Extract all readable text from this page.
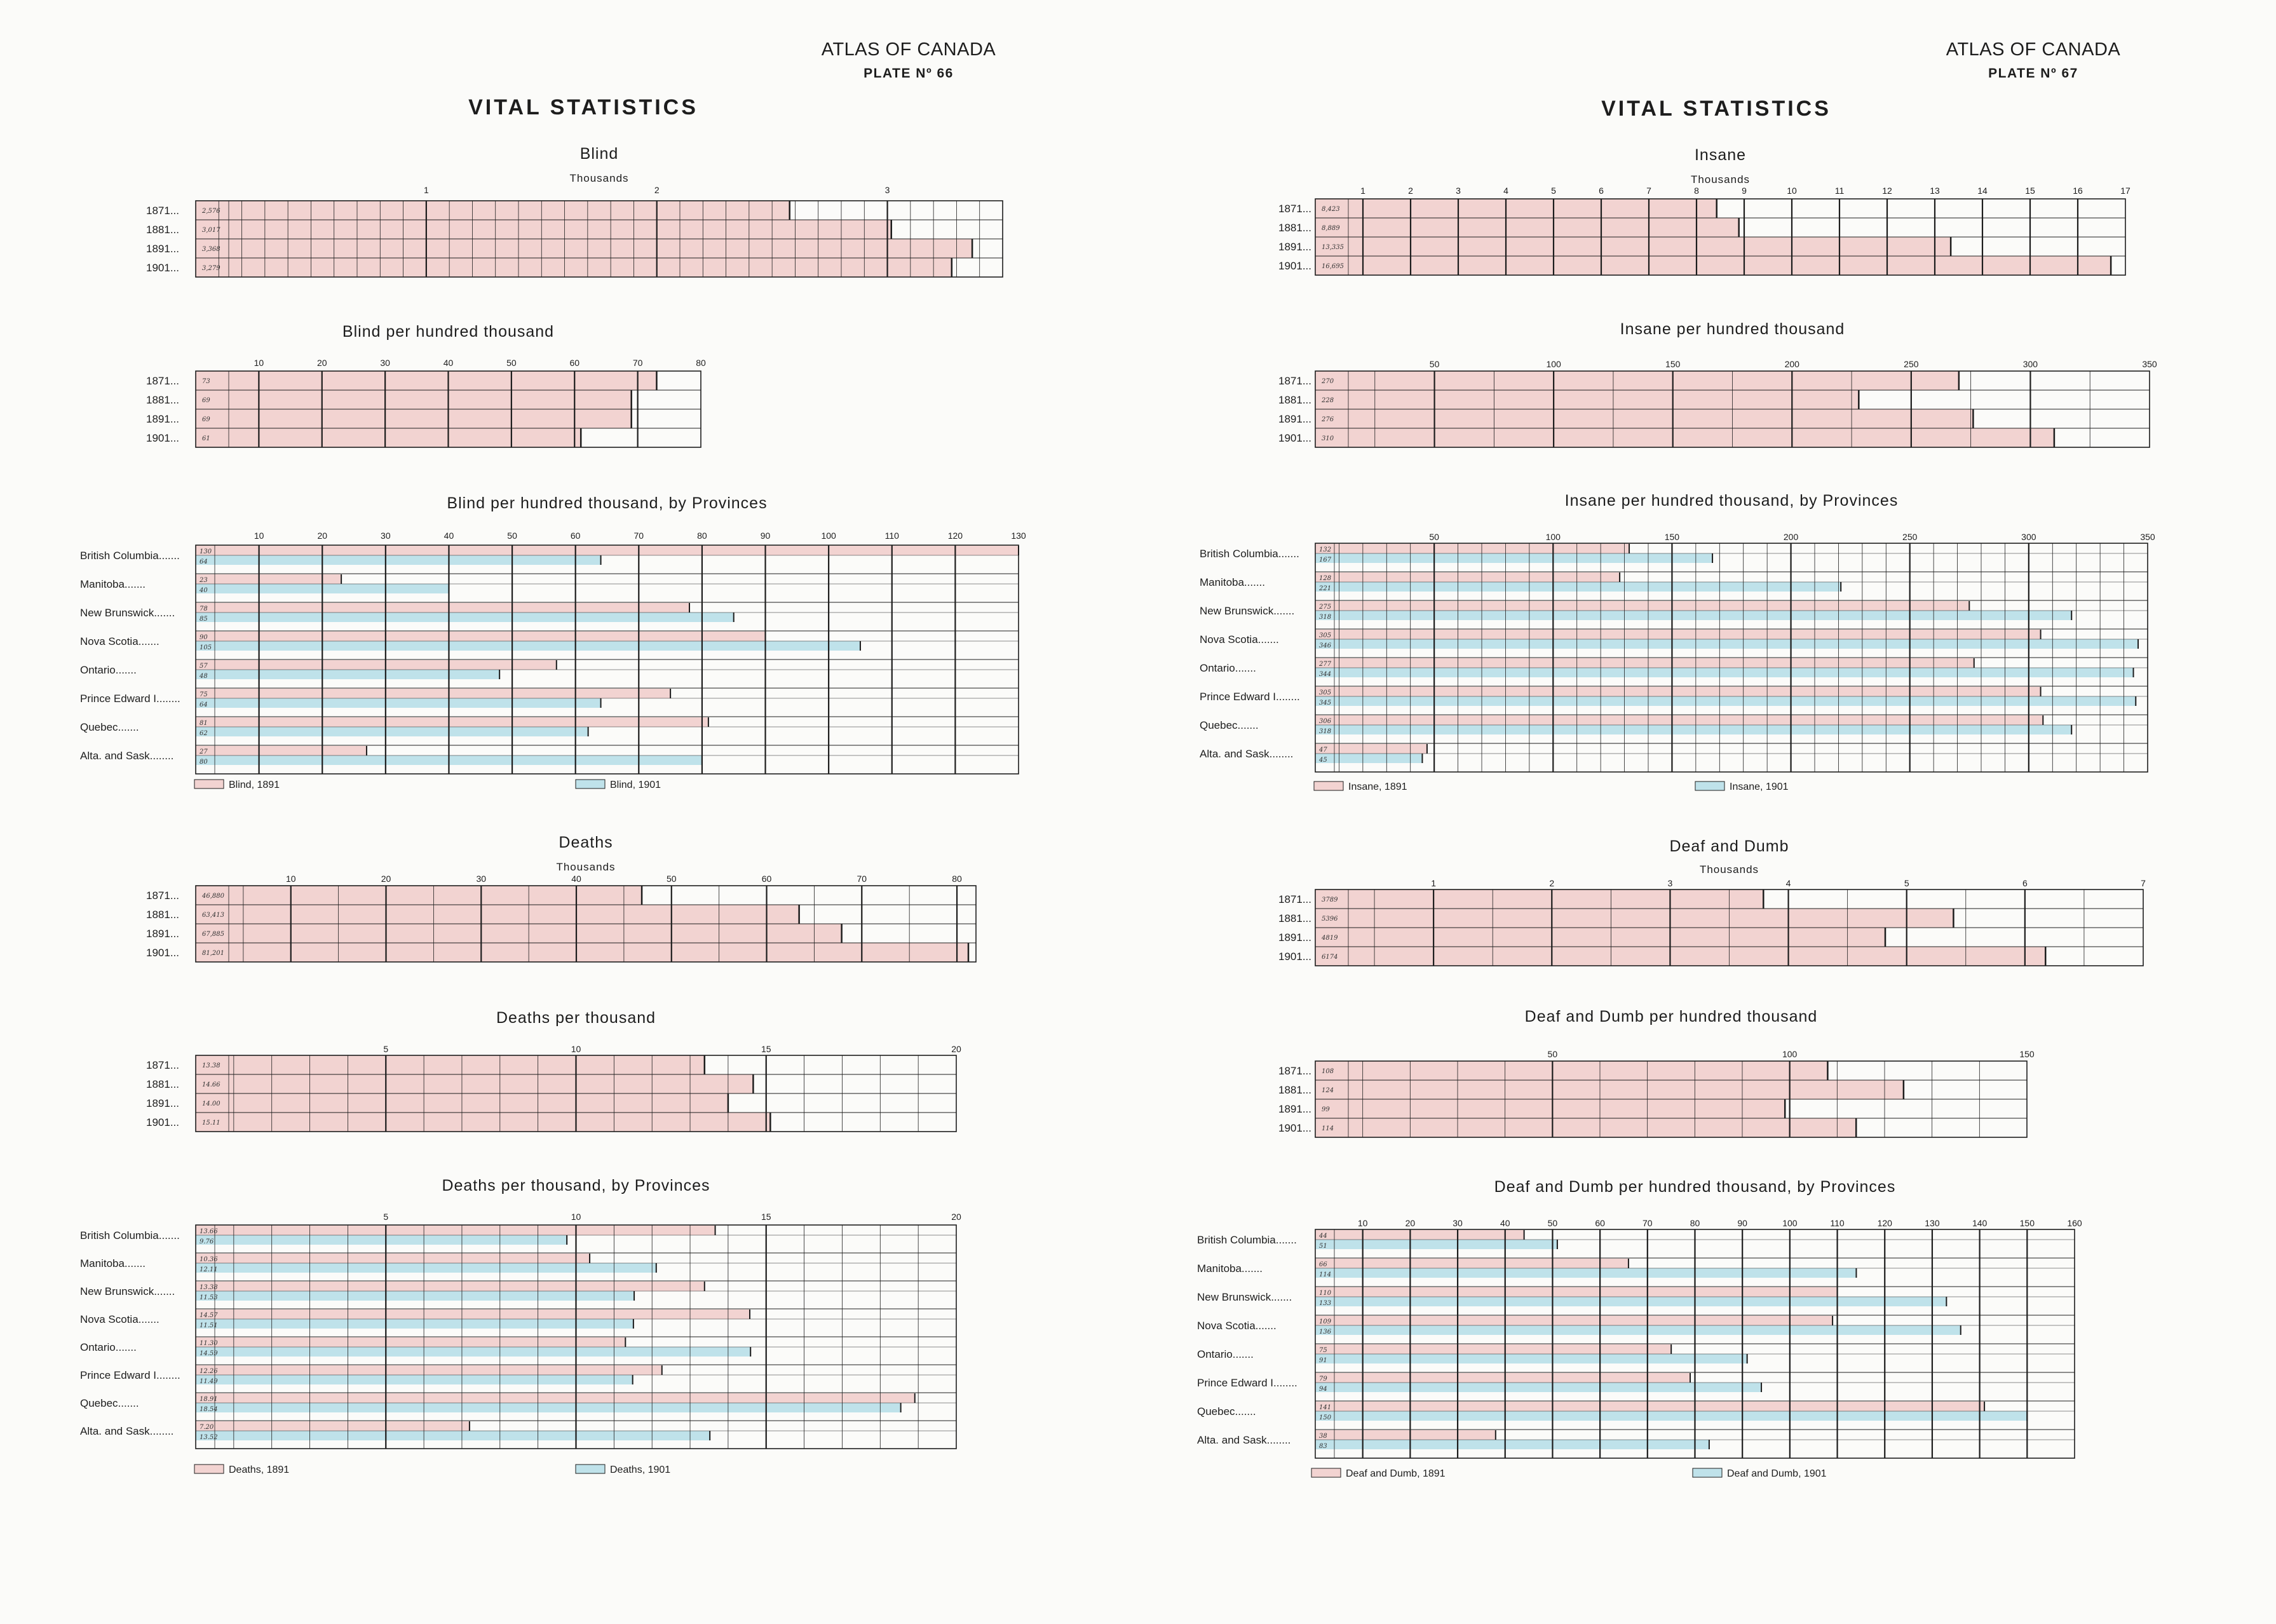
ATLAS OF CANADA
PLATE Nº 66
VITAL STATISTICS
ATLAS OF CANADA
PLATE Nº 67
VITAL STATISTICS
Blind
Thousands
1	2	3
1871...
1881...
1891...
1901...
2,576
3,017
3,368
3,279
Blind per hundred thousand
10	20	30	40	50	60	70	80
1871...
1881...
1891...
1901...
73
69
69
61
Blind per hundred thousand, by Provinces
10	20	30	40	50	60	70	80	90	100	110	120	130
British Columbia.......
Manitoba.......
New Brunswick.......
Nova Scotia.......
Ontario.......
Prince Edward I........
Quebec.......
Alta. and Sask........
130
64
23
40
78
85
90
105
57
48
75
64
81
62
27
80
Blind, 1891	Blind, 1901
Deaths
Thousands
10	20	30	40	50	60	70	80
1871...
1881...
1891...
1901...
46,880
63,413
67,885
81,201
Deaths per thousand
5	10	15	20
1871...
1881...
1891...
1901...
13.38
14.66
14.00
15.11
Deaths per thousand, by Provinces
5	10	15	20
British Columbia.......
Manitoba.......
New Brunswick.......
Nova Scotia.......
Ontario.......
Prince Edward I........
Quebec.......
Alta. and Sask........
13.66
9.76
10.36
12.11
13.38
11.53
14.57
11.51
11.30
14.59
12.26
11.49
18.91
18.54
7.20
13.52
Deaths, 1891	Deaths, 1901
Insane
Thousands
1	2	3	4	5	6	7	8	9	10	11	12	13	14	15	16	17
1871...
1881...
1891...
1901...
8,423
8,889
13,335
16,695
Insane per hundred thousand
50	100	150	200	250	300	350
1871...
1881...
1891...
1901...
270
228
276
310
Insane per hundred thousand, by Provinces
50	100	150	200	250	300	350
British Columbia.......
Manitoba.......
New Brunswick.......
Nova Scotia.......
Ontario.......
Prince Edward I........
Quebec.......
Alta. and Sask........
132
167
128
221
275
318
305
346
277
344
305
345
306
318
47
45
Insane, 1891	Insane, 1901
Deaf and Dumb
Thousands
1	2	3	4	5	6	7
1871...
1881...
1891...
1901...
3789
5396
4819
6174
Deaf and Dumb per hundred thousand
50	100	150
1871...
1881...
1891...
1901...
108
124
99
114
Deaf and Dumb per hundred thousand, by Provinces
10	20	30	40	50	60	70	80	90	100	110	120	130	140	150	160
British Columbia.......
Manitoba.......
New Brunswick.......
Nova Scotia.......
Ontario.......
Prince Edward I........
Quebec.......
Alta. and Sask........
44
51
66
114
110
133
109
136
75
91
79
94
141
150
38
83
Deaf and Dumb, 1891	Deaf and Dumb, 1901
